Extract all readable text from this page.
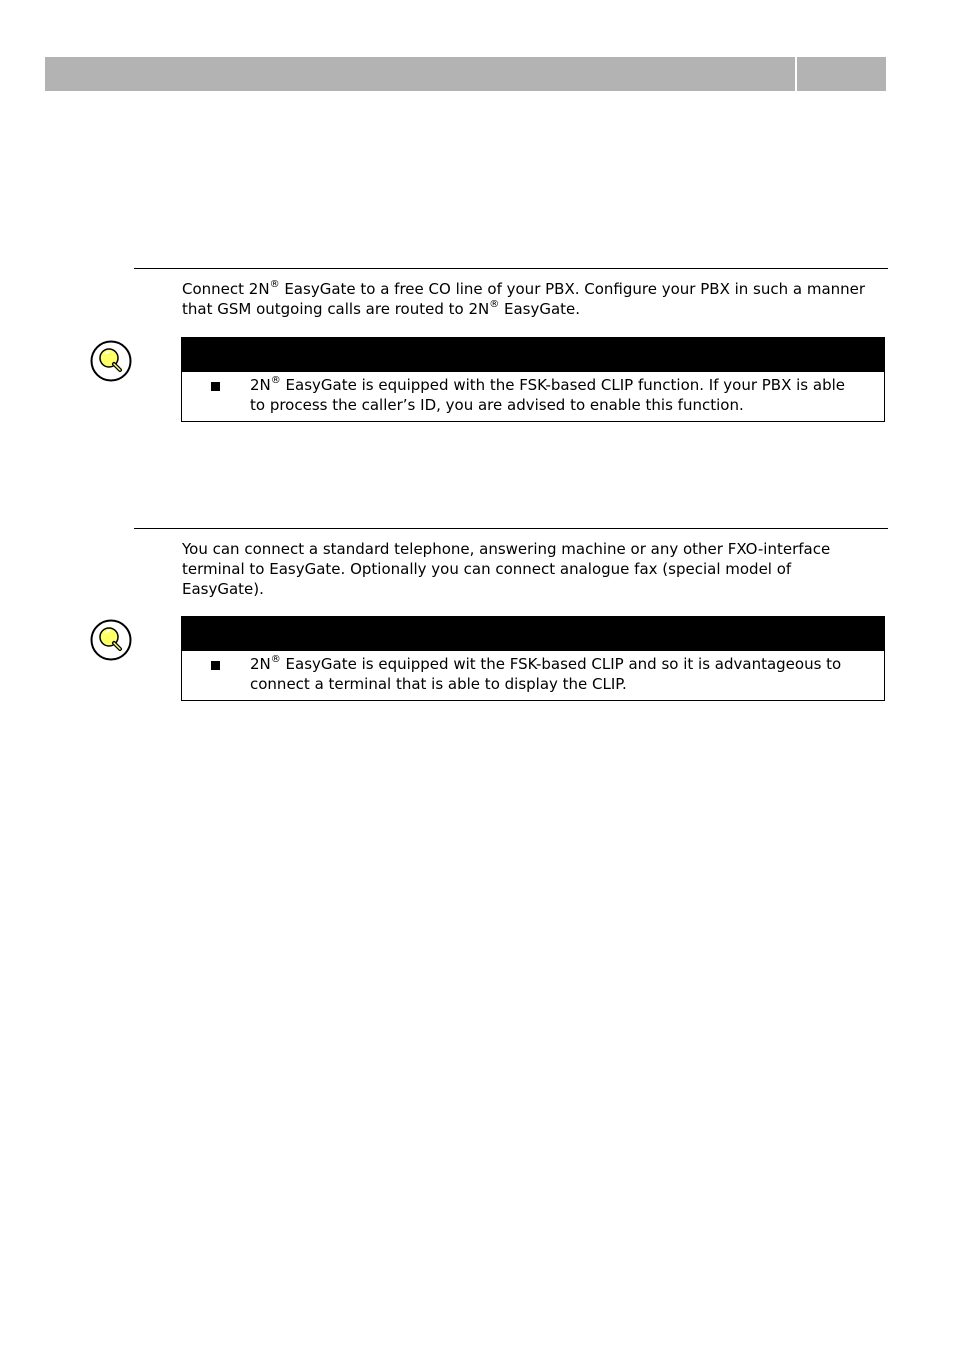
Connect 2N® EasyGate to a free CO line of your PBX. Configure your PBX in such a manner that GSM outgoing calls are routed to 2N® EasyGate.

2N® EasyGate is equipped with the FSK-based CLIP function. If your PBX is able to process the caller’s ID, you are advised to enable this function.

You can connect a standard telephone, answering machine or any other FXO-interface terminal to EasyGate. Optionally you can connect analogue fax (special model of EasyGate).

2N® EasyGate is equipped wit the FSK-based CLIP and so it is advantageous to connect a terminal that is able to display the CLIP.
